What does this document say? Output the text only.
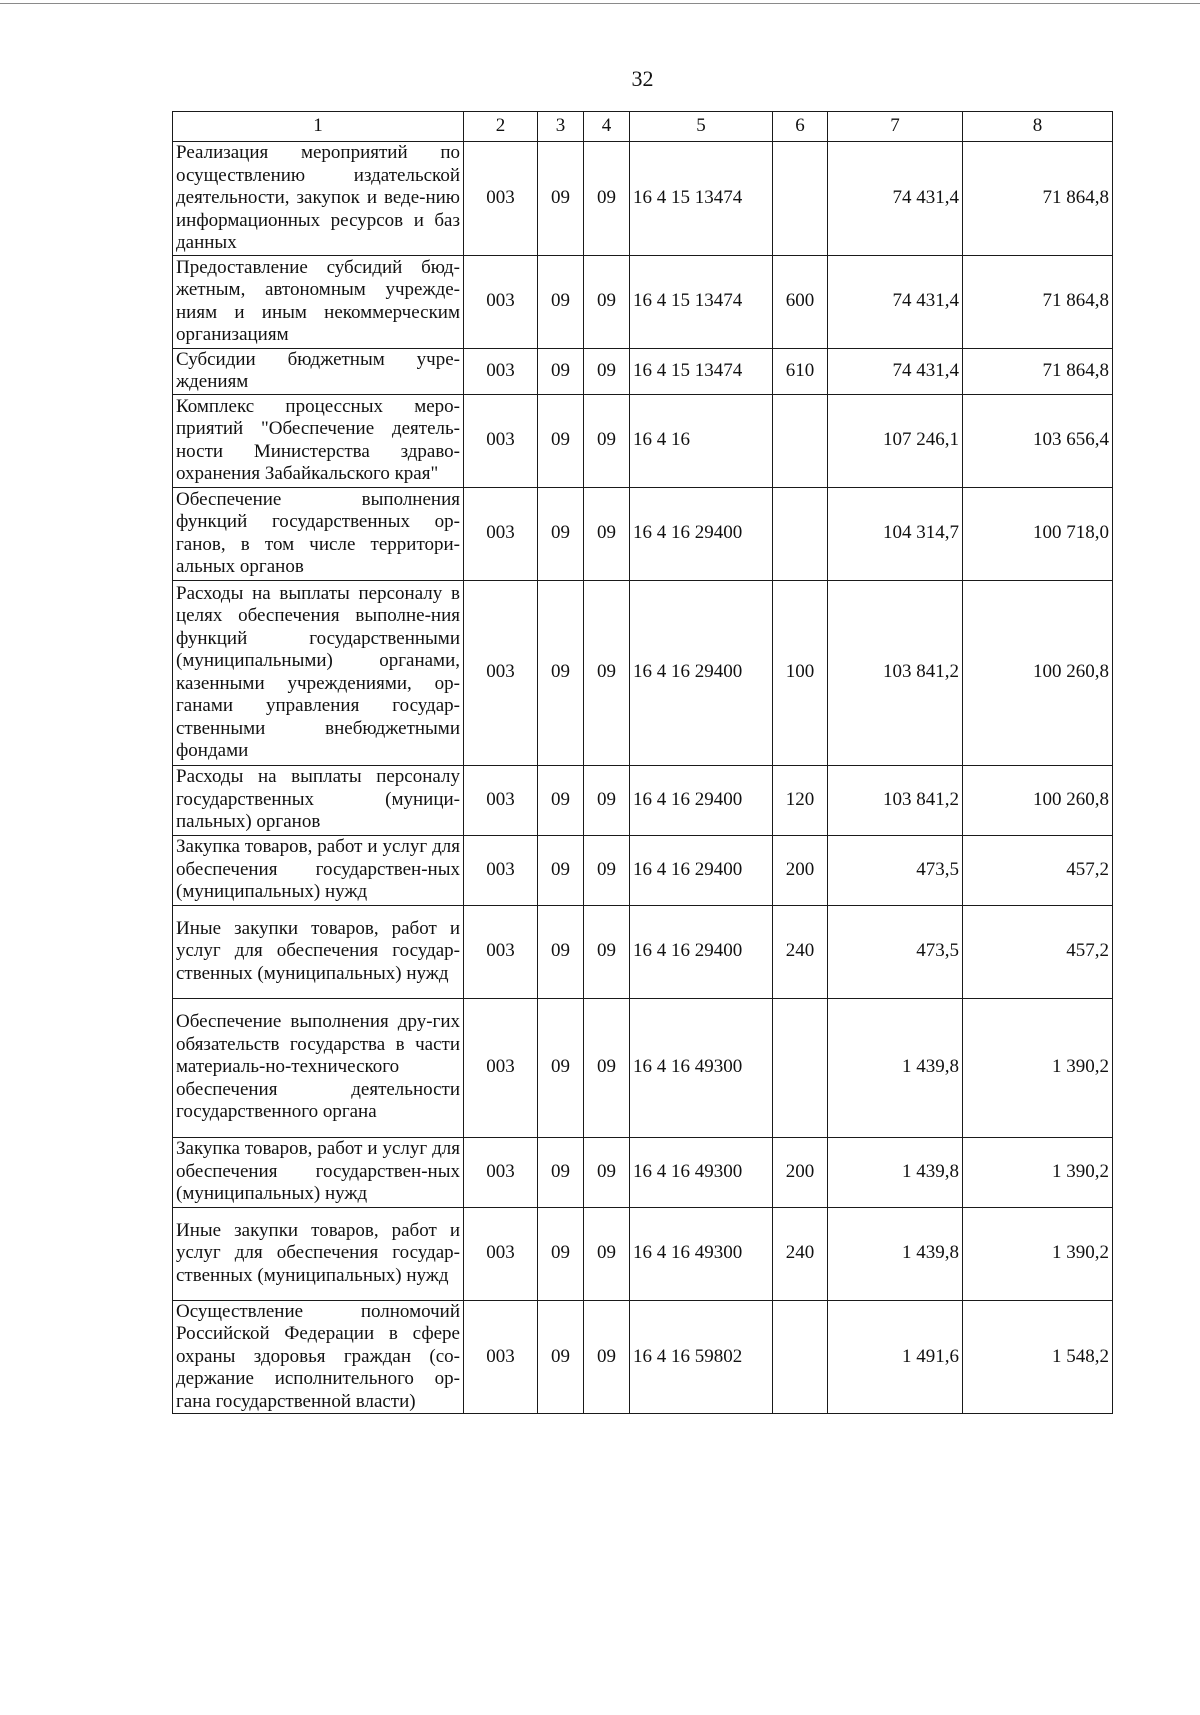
32
1	2	3	4	5	6	7	8
Реализация мероприятий по осуществлению издательской деятельности, закупок и веде-нию информационных ресурсов и баз данных	003	09	09	16 4 15 13474		74 431,4	71 864,8
Предоставление субсидий бюд-жетным, автономным учрежде-ниям и иным некоммерческим организациям	003	09	09	16 4 15 13474	600	74 431,4	71 864,8
Субсидии бюджетным учре-ждениям	003	09	09	16 4 15 13474	610	74 431,4	71 864,8
Комплекс процессных меро-приятий "Обеспечение деятель-ности Министерства здраво-охранения Забайкальского края"	003	09	09	16 4 16		107 246,1	103 656,4
Обеспечение выполнения функций государственных ор-ганов, в том числе территори-альных органов	003	09	09	16 4 16 29400		104 314,7	100 718,0
Расходы на выплаты персоналу в целях обеспечения выполне-ния функций государственными (муниципальными) органами, казенными учреждениями, ор-ганами управления государ-ственными внебюджетными фондами	003	09	09	16 4 16 29400	100	103 841,2	100 260,8
Расходы на выплаты персоналу государственных (муници-пальных) органов	003	09	09	16 4 16 29400	120	103 841,2	100 260,8
Закупка товаров, работ и услуг для обеспечения государствен-ных (муниципальных) нужд	003	09	09	16 4 16 29400	200	473,5	457,2
Иные закупки товаров, работ и услуг для обеспечения государ-ственных (муниципальных) нужд	003	09	09	16 4 16 29400	240	473,5	457,2
Обеспечение выполнения дру-гих обязательств государства в части материаль-но-технического обеспечения деятельности государственного органа	003	09	09	16 4 16 49300		1 439,8	1 390,2
Закупка товаров, работ и услуг для обеспечения государствен-ных (муниципальных) нужд	003	09	09	16 4 16 49300	200	1 439,8	1 390,2
Иные закупки товаров, работ и услуг для обеспечения государ-ственных (муниципальных) нужд	003	09	09	16 4 16 49300	240	1 439,8	1 390,2
Осуществление полномочий Российской Федерации в сфере охраны здоровья граждан (со-держание исполнительного ор-гана государственной власти)	003	09	09	16 4 16 59802		1 491,6	1 548,2
